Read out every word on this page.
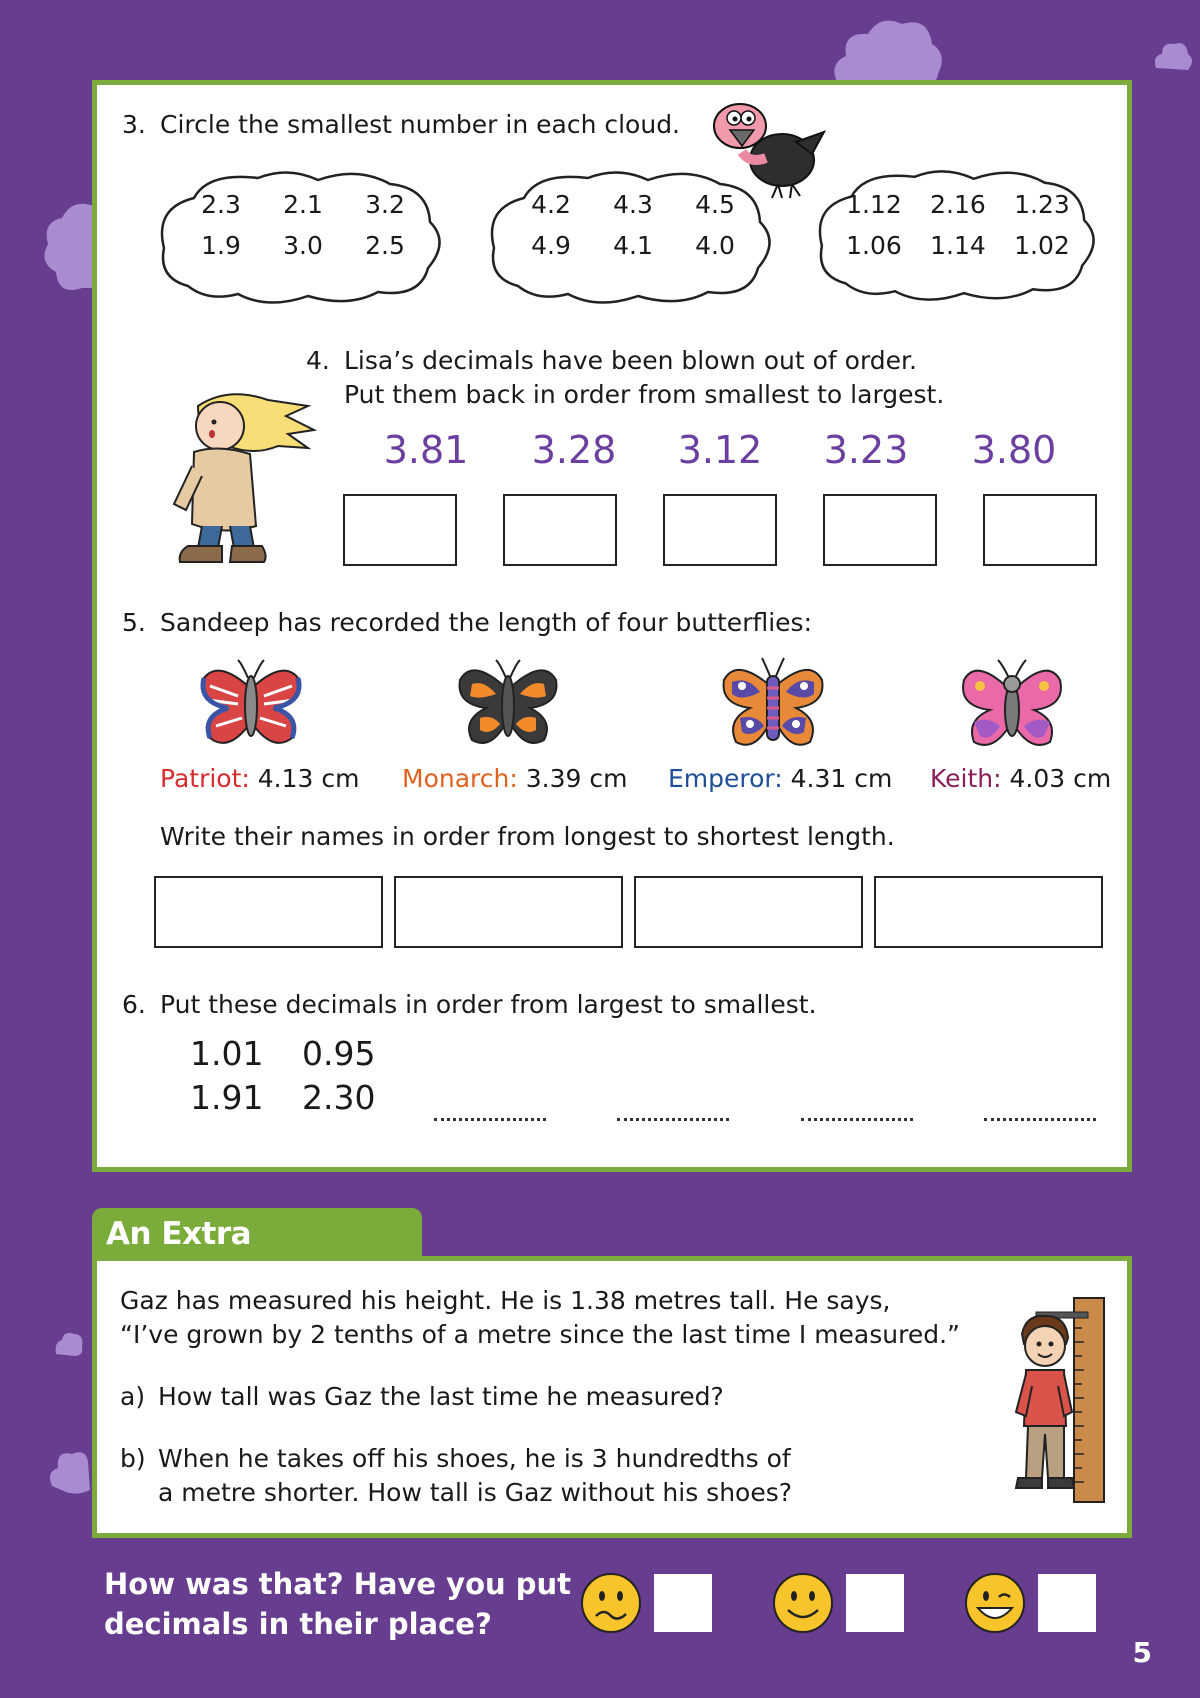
3. Circle the smallest number in each cloud.
2.3	2.1	3.2
1.9	3.0	2.5
4.2	4.3	4.5
4.9	4.1	4.0
1.12	2.16	1.23
1.06	1.14	1.02
4. Lisa’s decimals have been blown out of order.
Put them back in order from smallest to largest.
3.81	3.28	3.12	3.23	3.80
5. Sandeep has recorded the length of four butterflies:
Patriot: 4.13 cm Monarch: 3.39 cm Emperor: 4.31 cm Keith: 4.03 cm
Write their names in order from longest to shortest length.
6. Put these decimals in order from largest to smallest.
1.01 0.95
1.91 2.30
An Extra
Gaz has measured his height. He is 1.38 metres tall. He says,
“I’ve grown by 2 tenths of a metre since the last time I measured.”
a) How tall was Gaz the last time he measured?
b) When he takes off his shoes, he is 3 hundredths of
a metre shorter. How tall is Gaz without his shoes?
How was that? Have you put
decimals in their place?
5
